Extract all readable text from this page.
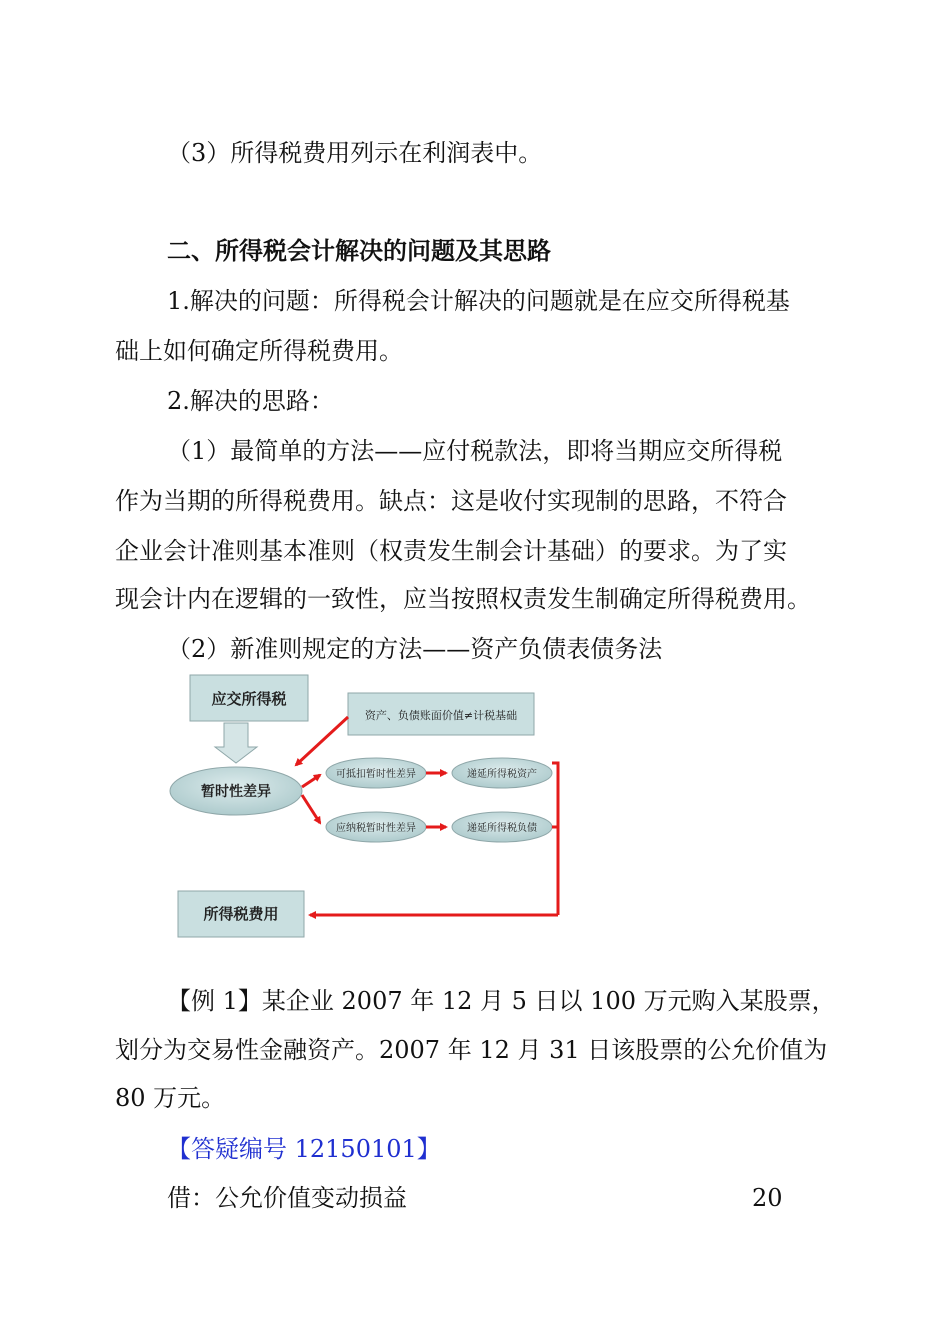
（3）所得税费用列示在利润表中。
二、所得税会计解决的问题及其思路
1.解决的问题：所得税会计解决的问题就是在应交所得税基
础上如何确定所得税费用。
2.解决的思路：
（1）最简单的方法——应付税款法，即将当期应交所得税
作为当期的所得税费用。缺点：这是收付实现制的思路，不符合
企业会计准则基本准则（权责发生制会计基础）的要求。为了实
现会计内在逻辑的一致性，应当按照权责发生制确定所得税费用。
（2）新准则规定的方法——资产负债表债务法
应交所得税
资产、负债账面价值≠计税基础
暂时性差异
可抵扣暂时性差异	递延所得税资产
应纳税暂时性差异	递延所得税负债
所得税费用
【例 1】某企业 2007 年 12 月 5 日以 100 万元购入某股票，
划分为交易性金融资产。2007 年 12 月 31 日该股票的公允价值为
80 万元。
【答疑编号 12150101】
借：公允价值变动损益	20
